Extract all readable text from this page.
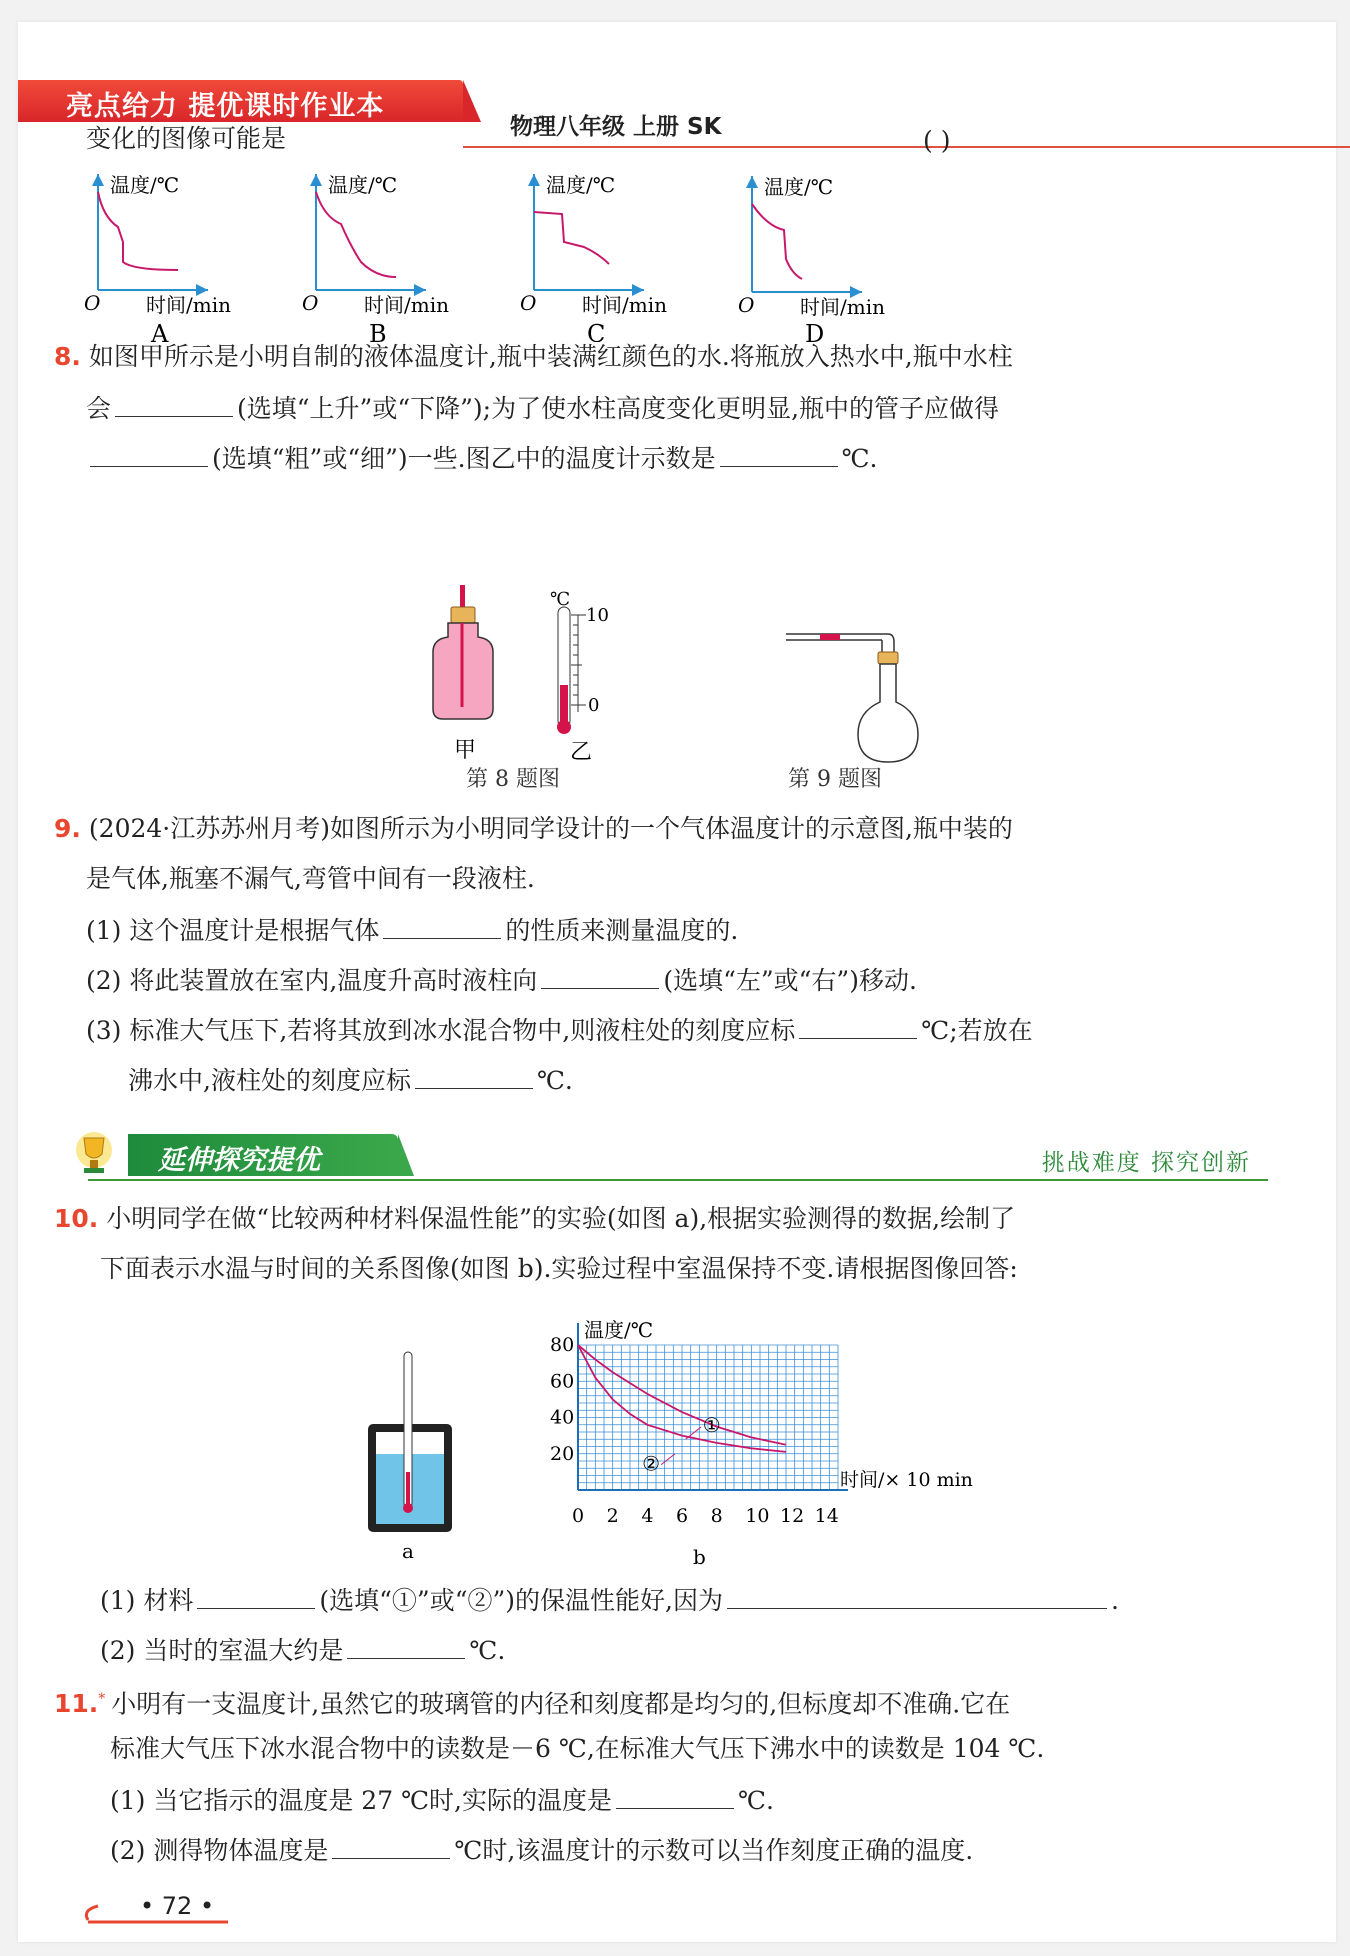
亮点给力 提优课时作业本
物理八年级 上册 SK
变化的图像可能是	( )
温度/℃
时间/min
O
A
温度/℃
时间/min
O
B
温度/℃
时间/min
O
C
温度/℃
时间/min
O
D
8. 如图甲所示是小明自制的液体温度计,瓶中装满红颜色的水.将瓶放入热水中,瓶中水柱
会	(选填“上升”或“下降”);为了使水柱高度变化更明显,瓶中的管子应做得
(选填“粗”或“细”)一些.图乙中的温度计示数是	℃.
甲
℃
10
0
乙
第 8 题图	第 9 题图
9. (2024·江苏苏州月考)如图所示为小明同学设计的一个气体温度计的示意图,瓶中装的
是气体,瓶塞不漏气,弯管中间有一段液柱.
(1) 这个温度计是根据气体	的性质来测量温度的.
(2) 将此装置放在室内,温度升高时液柱向	(选填“左”或“右”)移动.
(3) 标准大气压下,若将其放到冰水混合物中,则液柱处的刻度应标	℃;若放在
沸水中,液柱处的刻度应标	℃.
延伸探究提优	挑战难度 探究创新
10. 小明同学在做“比较两种材料保温性能”的实验(如图 a),根据实验测得的数据,绘制了
下面表示水温与时间的关系图像(如图 b).实验过程中室温保持不变.请根据图像回答:
a
0 2 4 6 8 10 12 14
20
40
60
80
①
②
温度/℃
时间/× 10 min
b
(1) 材料	(选填“①”或“②”)的保温性能好,因为	.
(2) 当时的室温大约是	℃.
11.* 小明有一支温度计,虽然它的玻璃管的内径和刻度都是均匀的,但标度却不准确.它在
标准大气压下冰水混合物中的读数是－6 ℃,在标准大气压下沸水中的读数是 104 ℃.
(1) 当它指示的温度是 27 ℃时,实际的温度是	℃.
(2) 测得物体温度是	℃时,该温度计的示数可以当作刻度正确的温度.
• 72 •
